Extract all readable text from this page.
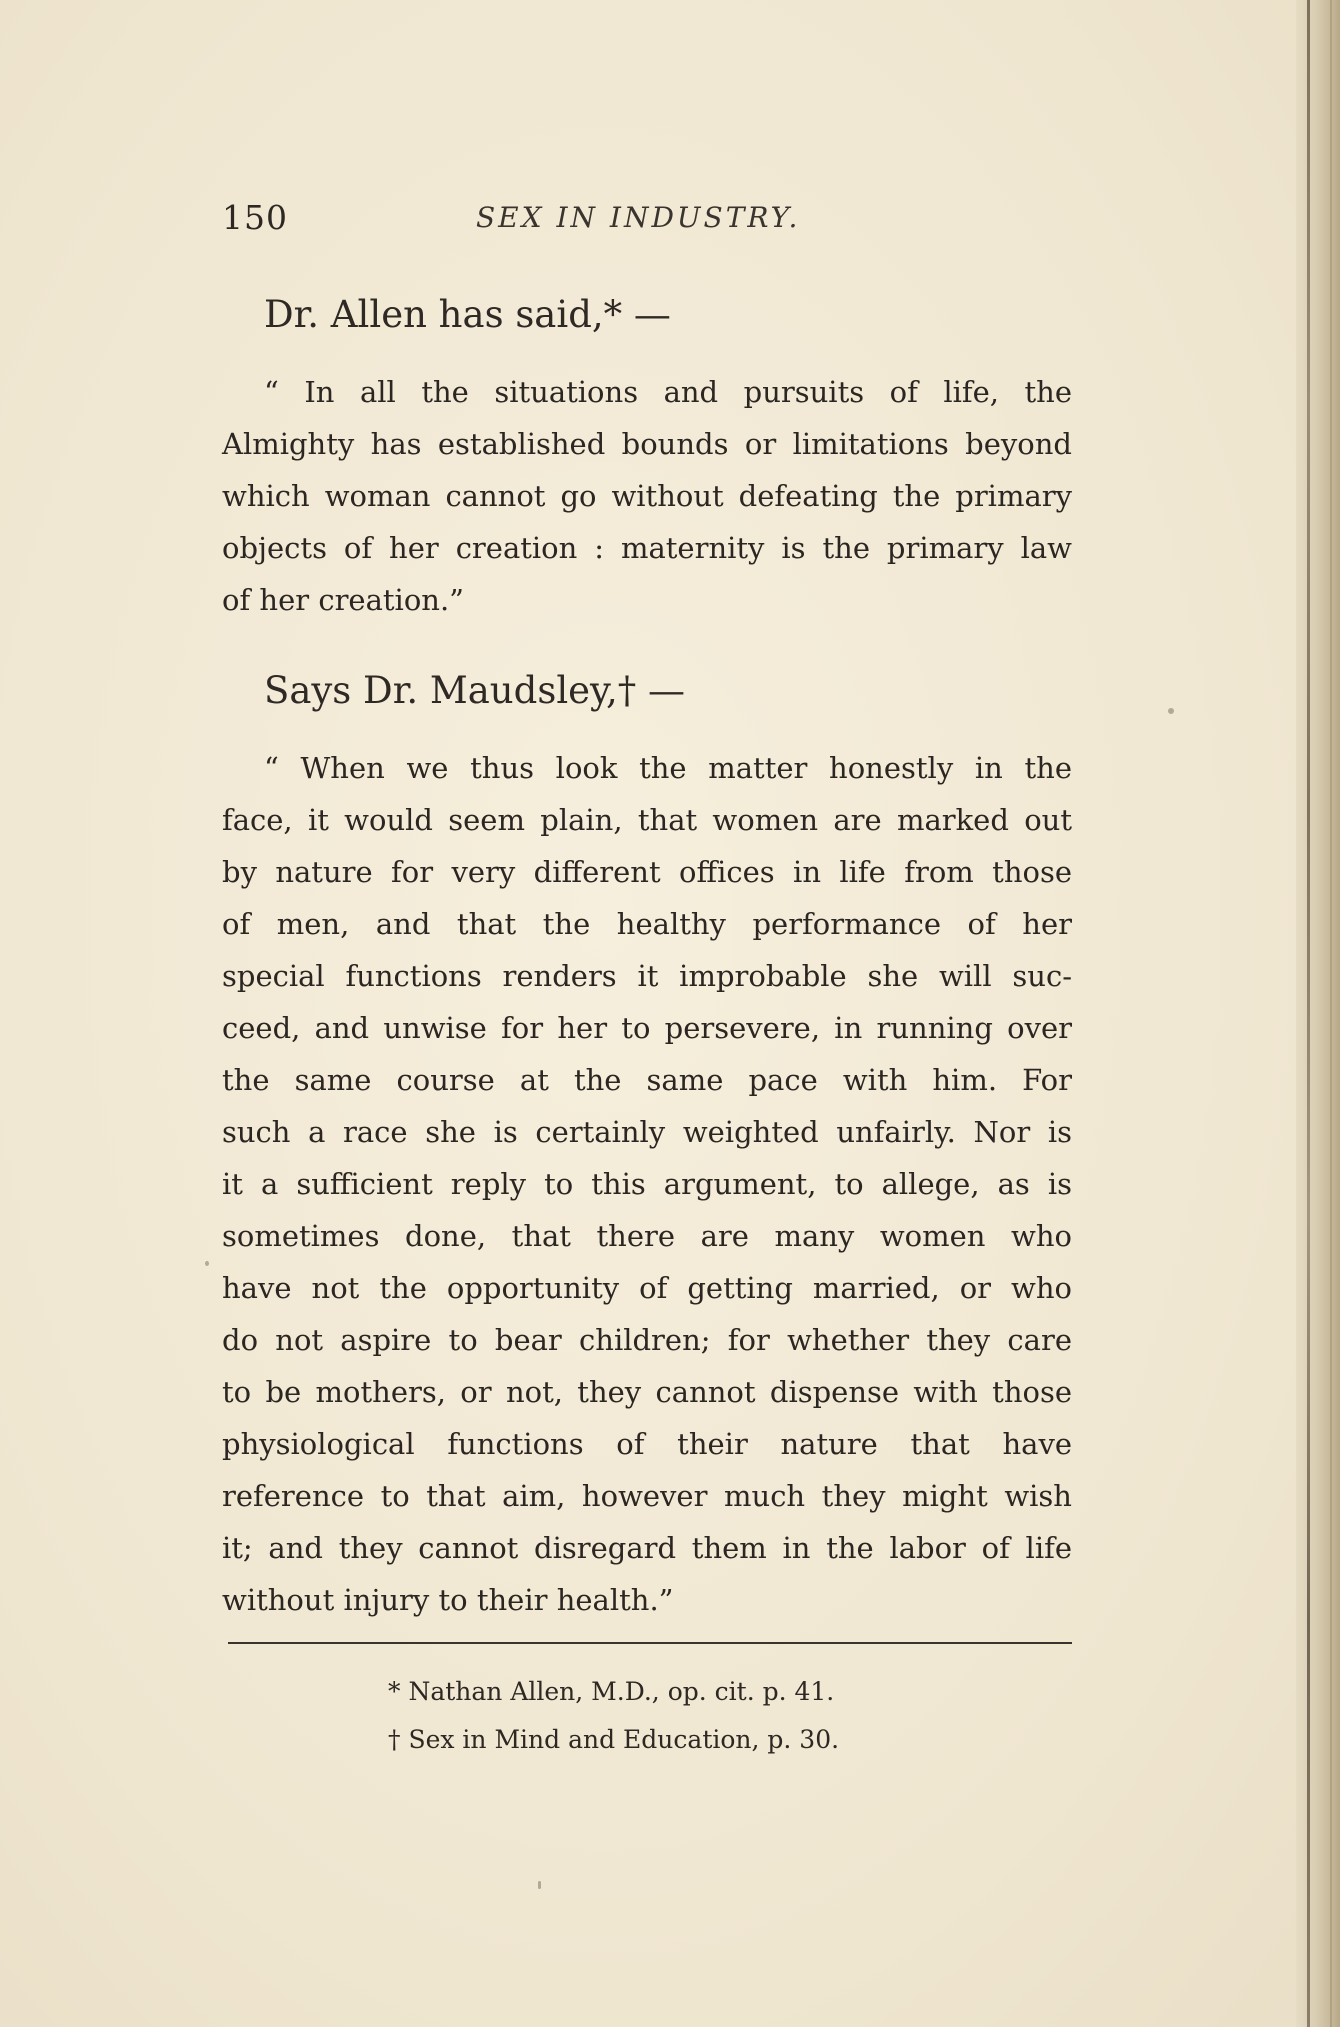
150	SEX IN INDUSTRY.
Dr. Allen has said,* —

“ In all the situations and pursuits of life, the
Almighty has established bounds or limitations beyond
which woman cannot go without defeating the primary
objects of her creation : maternity is the primary law
of her creation.”

Says Dr. Maudsley,† —

“ When we thus look the matter honestly in the
face, it would seem plain, that women are marked out
by nature for very different offices in life from those
of men, and that the healthy performance of her
special functions renders it improbable she will suc-
ceed, and unwise for her to persevere, in running over
the same course at the same pace with him. For
such a race she is certainly weighted unfairly. Nor is
it a sufficient reply to this argument, to allege, as is
sometimes done, that there are many women who
have not the opportunity of getting married, or who
do not aspire to bear children; for whether they care
to be mothers, or not, they cannot dispense with those
physiological functions of their nature that have
reference to that aim, however much they might wish
it; and they cannot disregard them in the labor of life
without injury to their health.”

* Nathan Allen, M.D., op. cit. p. 41.
† Sex in Mind and Education, p. 30.
